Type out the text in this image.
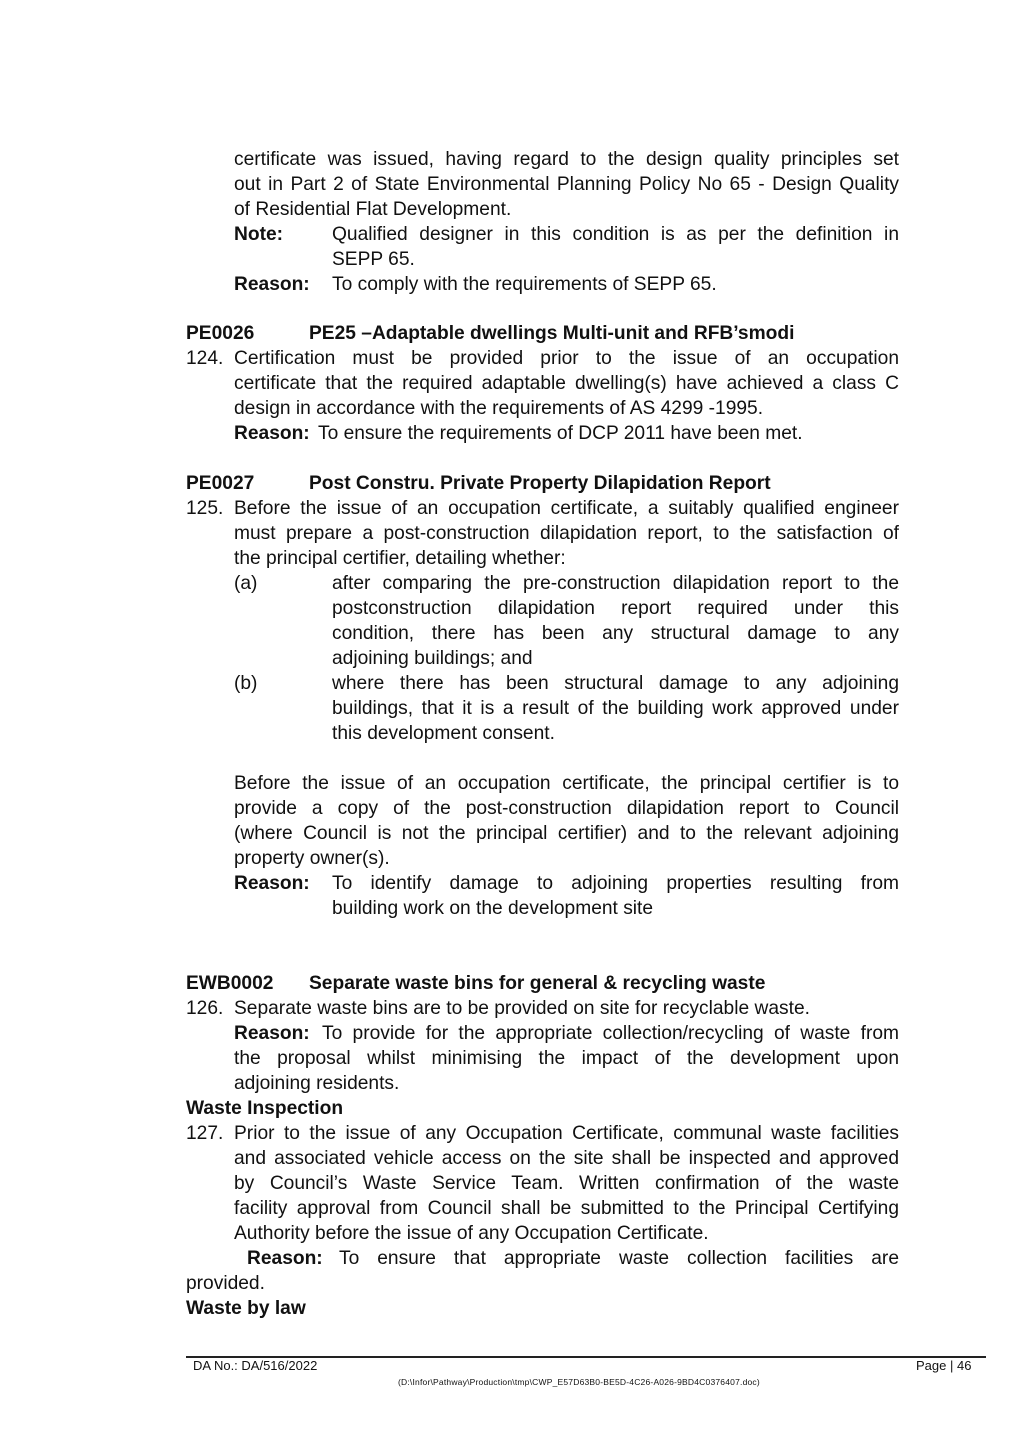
certificate was issued, having regard to the design quality principles set
out in Part 2 of State Environmental Planning Policy No 65 - Design Quality
of Residential Flat Development.
Note:	Qualified designer in this condition is as per the definition in
SEPP 65.
Reason: To comply with the requirements of SEPP 65.
PE0026	PE25 –Adaptable dwellings Multi-unit and RFB’smodi
124. Certification must be provided prior to the issue of an occupation
certificate that the required adaptable dwelling(s) have achieved a class C
design in accordance with the requirements of AS 4299 -1995.
Reason: To ensure the requirements of DCP 2011 have been met.
PE0027	Post Constru. Private Property Dilapidation Report
125. Before the issue of an occupation certificate, a suitably qualified engineer
must prepare a post-construction dilapidation report, to the satisfaction of
the principal certifier, detailing whether:
(a)	after comparing the pre-construction dilapidation report to the
postconstruction dilapidation report required under this
condition, there has been any structural damage to any
adjoining buildings; and
(b)	where there has been structural damage to any adjoining
buildings, that it is a result of the building work approved under
this development consent.
Before the issue of an occupation certificate, the principal certifier is to
provide a copy of the post-construction dilapidation report to Council
(where Council is not the principal certifier) and to the relevant adjoining
property owner(s).
Reason: To identify damage to adjoining properties resulting from
building work on the development site
EWB0002 Separate waste bins for general & recycling waste
126. Separate waste bins are to be provided on site for recyclable waste.
Reason: To provide for the appropriate collection/recycling of waste from
the proposal whilst minimising the impact of the development upon
adjoining residents.
Waste Inspection
127. Prior to the issue of any Occupation Certificate, communal waste facilities
and associated vehicle access on the site shall be inspected and approved
by Council’s Waste Service Team. Written confirmation of the waste
facility approval from Council shall be submitted to the Principal Certifying
Authority before the issue of any Occupation Certificate.
Reason: To ensure that appropriate waste collection facilities are
provided.
Waste by law
DA No.: DA/516/2022	Page | 46
(D:\Infor\Pathway\Production\tmp\CWP_E57D63B0-BE5D-4C26-A026-9BD4C0376407.doc)
